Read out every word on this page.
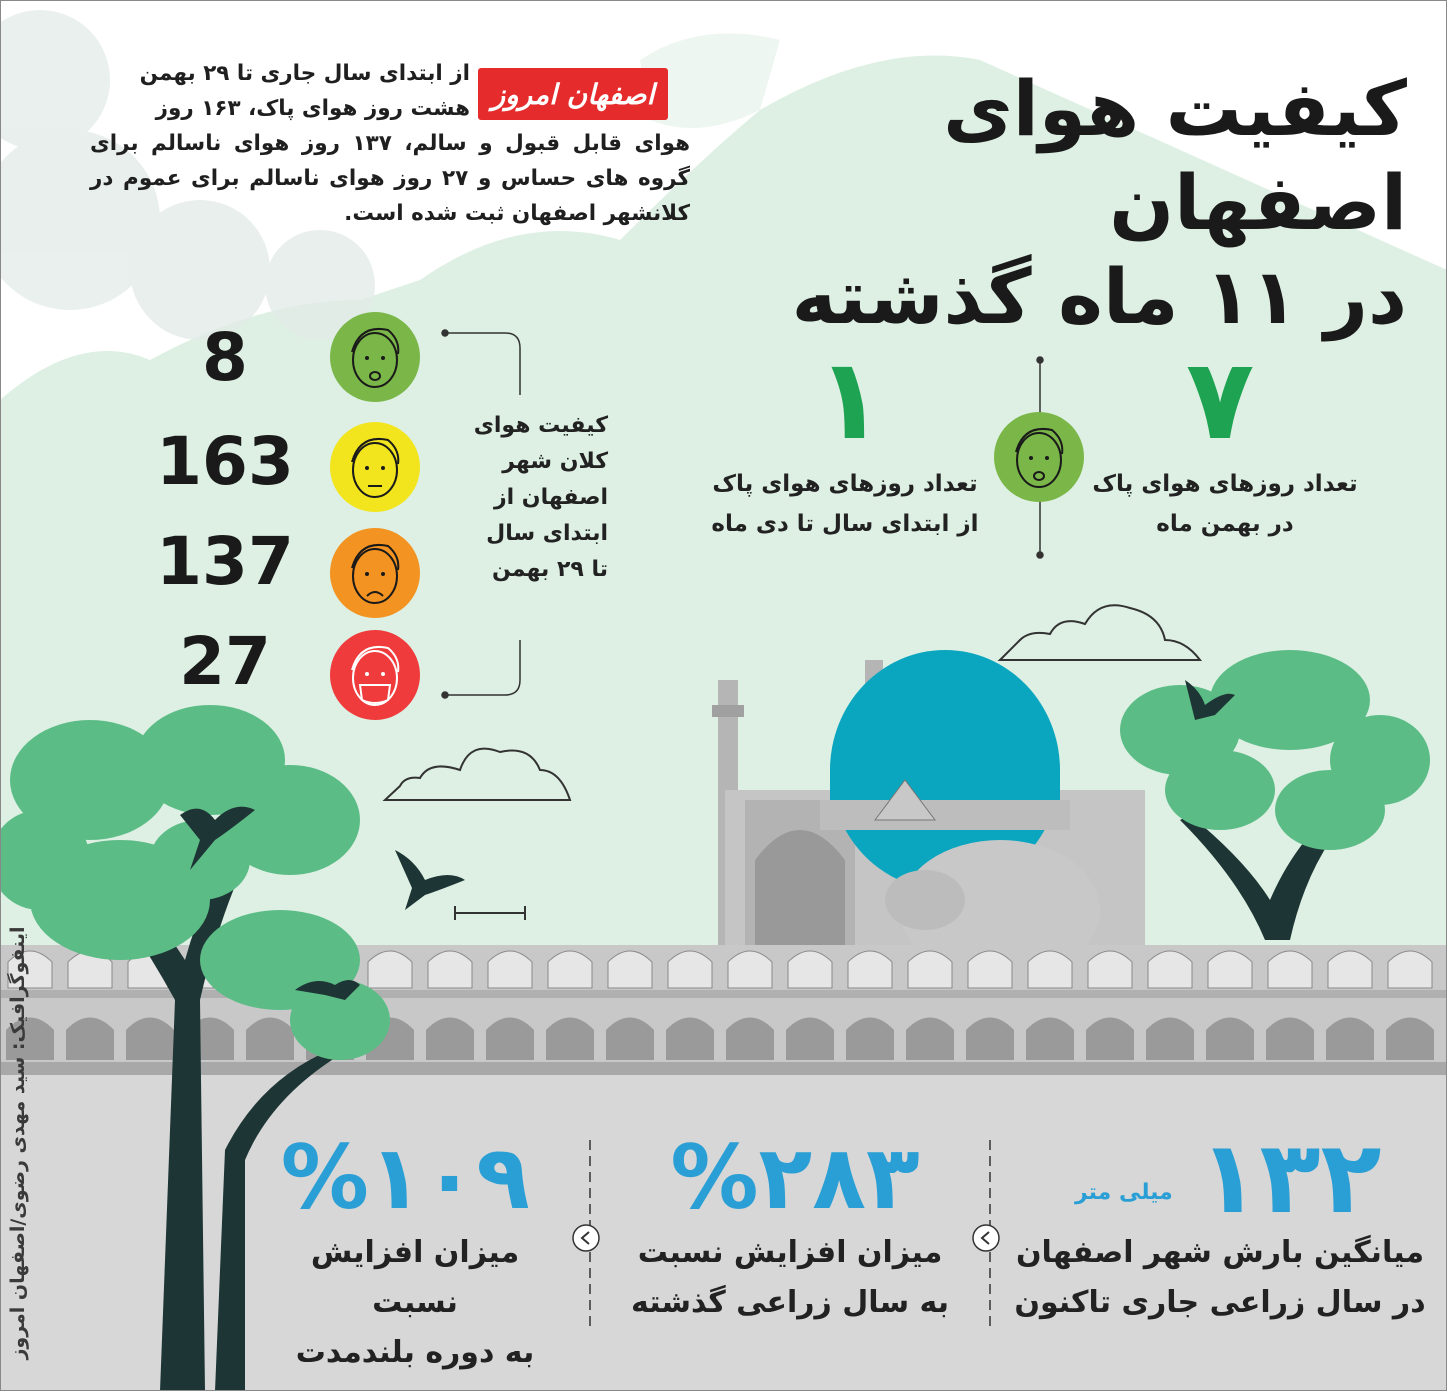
اینفوگرافیک: سید مهدی رضوی/اصفهان امروز
کیفیت هوای اصفهان
در ۱۱ ماه گذشته
اصفهان امروز
از ابتدای سال جاری تا ۲۹ بهمن
هشت روز هوای پاک، ۱۶۳ روز
هوای قابل قبول و سالم، ۱۳۷ روز هوای ناسالم برای گروه های حساس و ۲۷ روز هوای ناسالم برای عموم در کلانشهر اصفهان ثبت شده است.
8
163
137
27
کیفیت هوای
کلان شهر
اصفهان از
ابتدای سال
تا ۲۹ بهمن
۷
تعداد روزهای هوای پاک
در بهمن ماه
۱
تعداد روزهای هوای پاک
از ابتدای سال تا دی ماه
۱۳۲
میلی متر
میانگین بارش شهر اصفهان
در سال زراعی جاری تاکنون
%۲۸۳
میزان افزایش نسبت
به سال زراعی گذشته
%۱۰۹
میزان افزایش نسبت
به دوره بلندمدت
